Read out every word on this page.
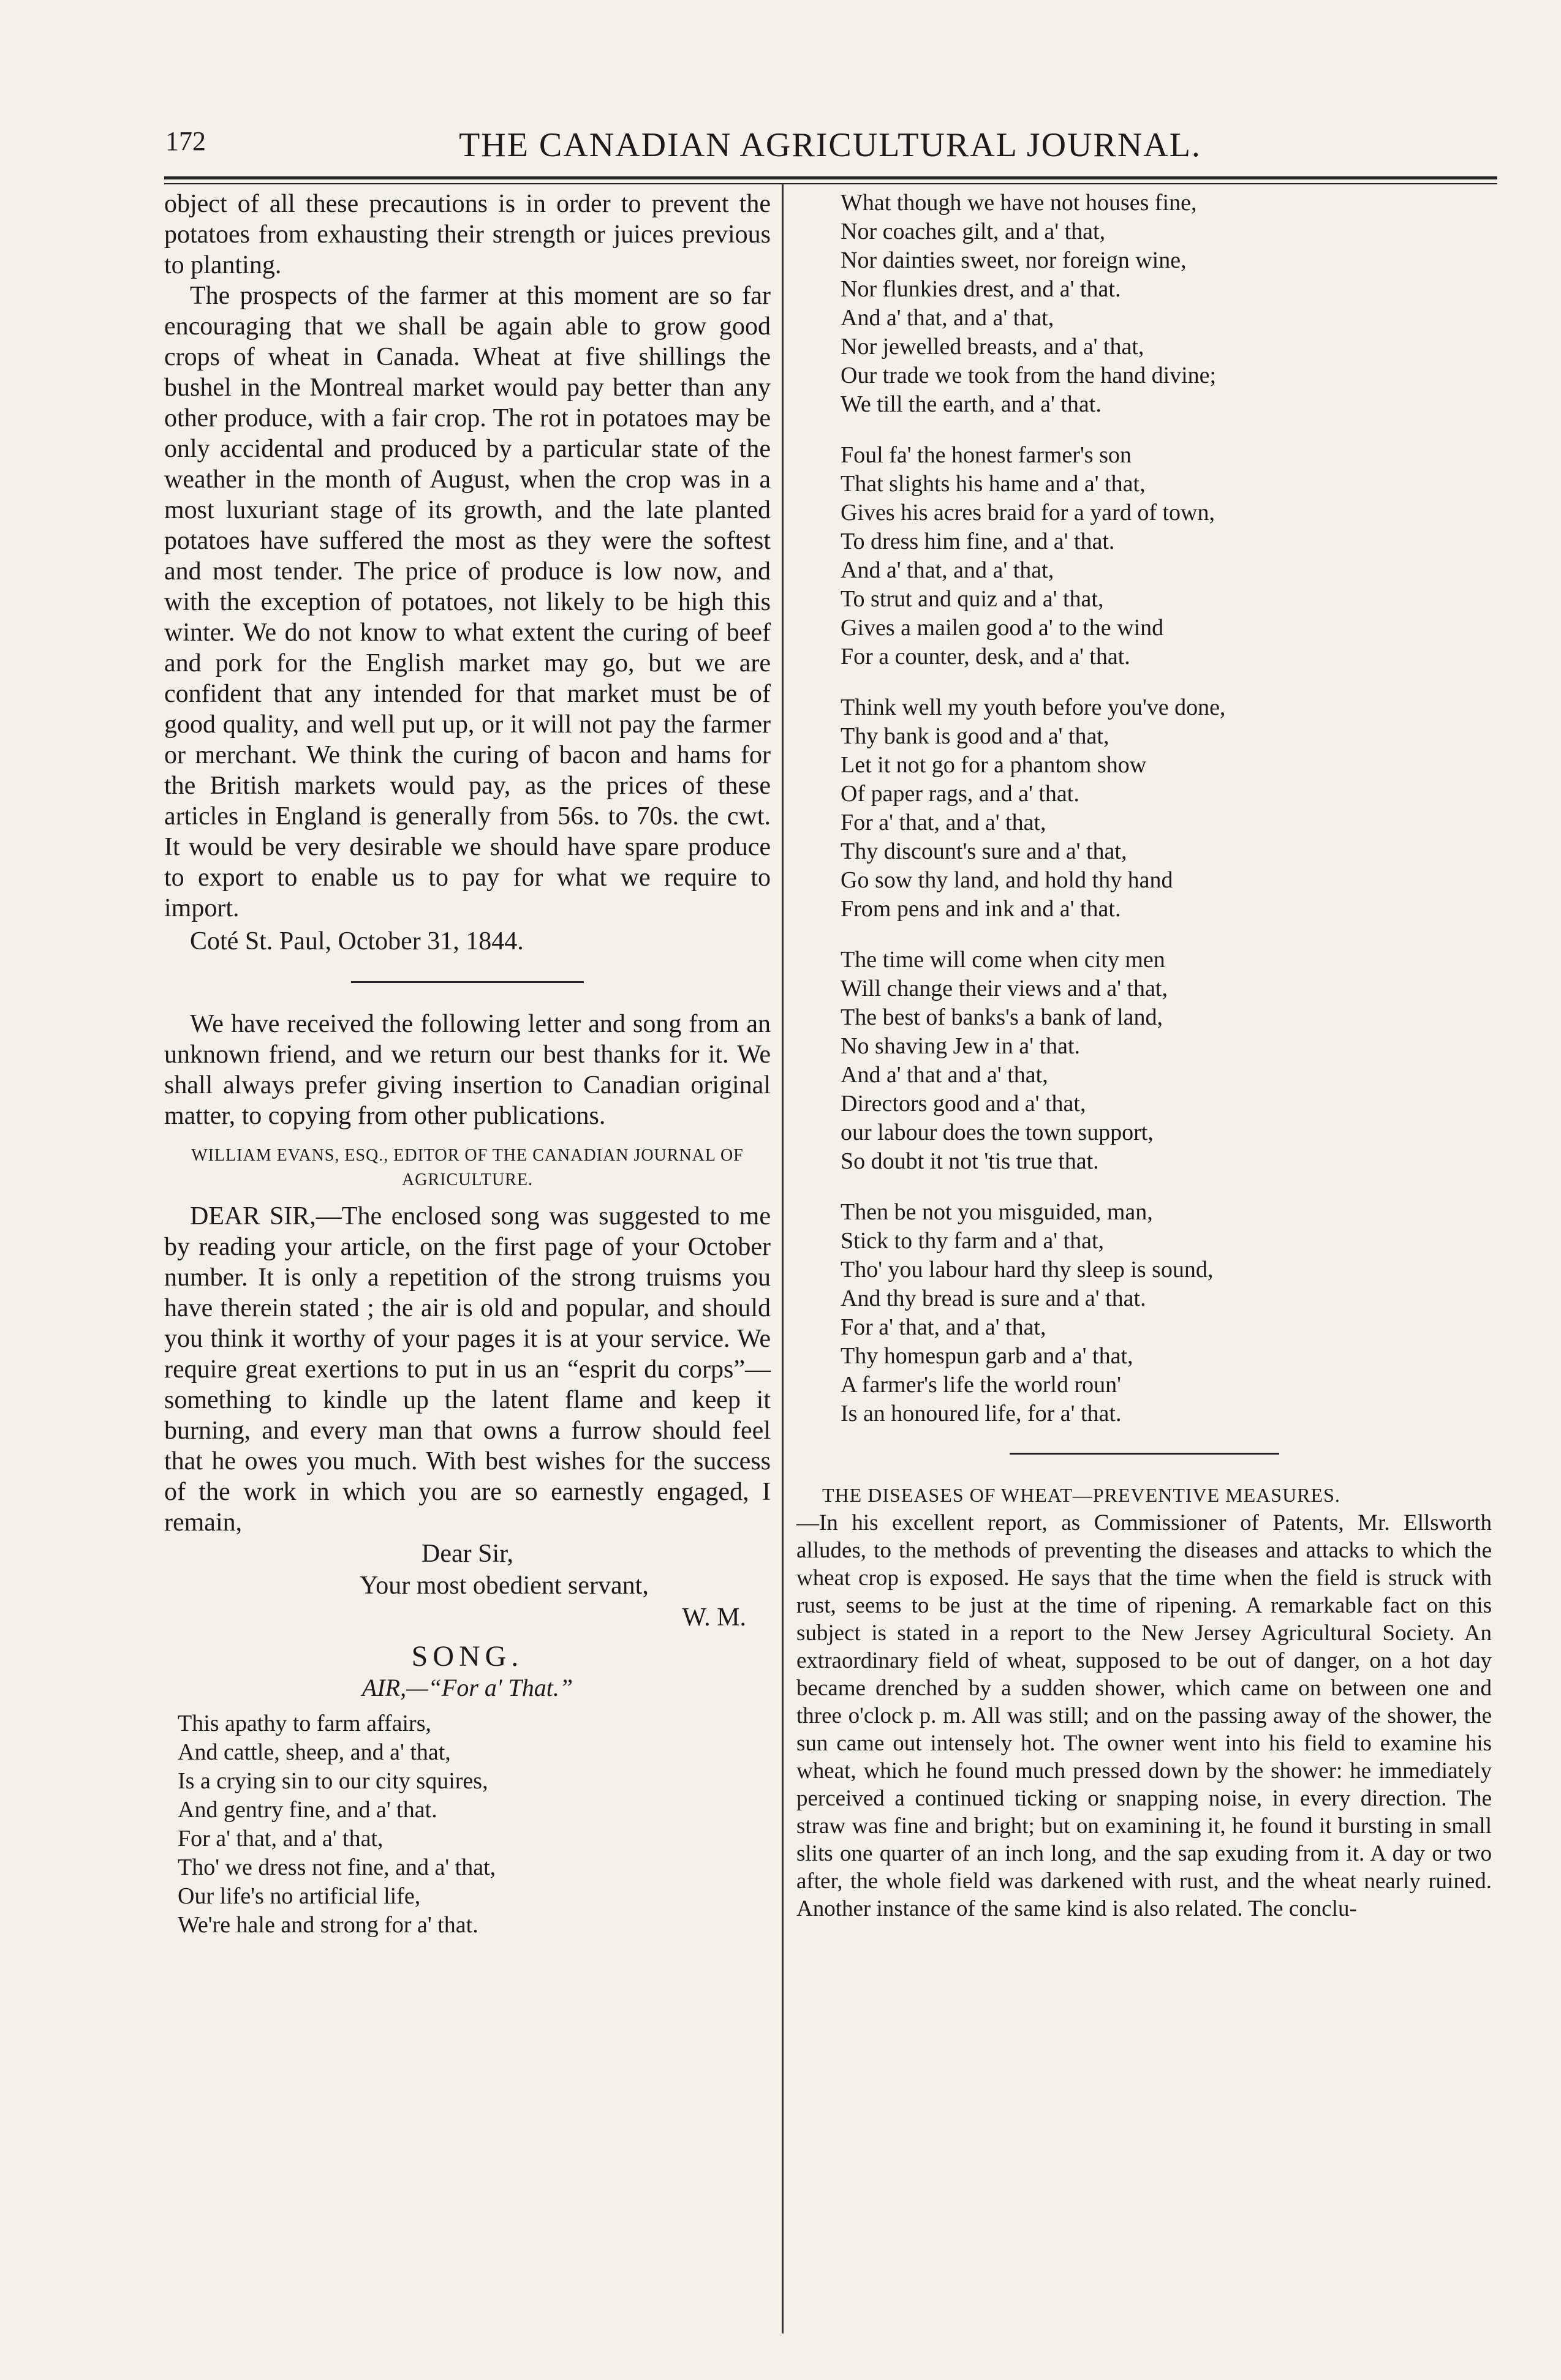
172	THE CANADIAN AGRICULTURAL JOURNAL.

object of all these precautions is in order to prevent the potatoes from exhausting their strength or juices previous to planting.

The prospects of the farmer at this moment are so far encouraging that we shall be again able to grow good crops of wheat in Canada. Wheat at five shillings the bushel in the Montreal market would pay better than any other produce, with a fair crop. The rot in potatoes may be only accidental and produced by a particular state of the weather in the month of August, when the crop was in a most luxuriant stage of its growth, and the late planted potatoes have suffered the most as they were the softest and most tender. The price of produce is low now, and with the exception of potatoes, not likely to be high this winter. We do not know to what extent the curing of beef and pork for the English market may go, but we are confident that any intended for that market must be of good quality, and well put up, or it will not pay the farmer or merchant. We think the curing of bacon and hams for the British markets would pay, as the prices of these articles in England is generally from 56s. to 70s. the cwt. It would be very desirable we should have spare produce to export to enable us to pay for what we require to import.

Coté St. Paul, October 31, 1844.

We have received the following letter and song from an unknown friend, and we return our best thanks for it. We shall always prefer giving insertion to Canadian original matter, to copying from other publications.

WILLIAM EVANS, ESQ., EDITOR OF THE CANADIAN JOURNAL OF AGRICULTURE.

DEAR SIR,—The enclosed song was suggested to me by reading your article, on the first page of your October number. It is only a repetition of the strong truisms you have therein stated ; the air is old and popular, and should you think it worthy of your pages it is at your service. We require great exertions to put in us an “esprit du corps”—something to kindle up the latent flame and keep it burning, and every man that owns a furrow should feel that he owes you much. With best wishes for the success of the work in which you are so earnestly engaged, I remain,

Dear Sir,
Your most obedient servant,
W. M.
SONG.
AIR,—“For a' That.”
This apathy to farm affairs,
And cattle, sheep, and a' that,
Is a crying sin to our city squires,
And gentry fine, and a' that.
For a' that, and a' that,
Tho' we dress not fine, and a' that,
Our life's no artificial life,
We're hale and strong for a' that.
What though we have not houses fine,
Nor coaches gilt, and a' that,
Nor dainties sweet, nor foreign wine,
Nor flunkies drest, and a' that.
And a' that, and a' that,
Nor jewelled breasts, and a' that,
Our trade we took from the hand divine;
We till the earth, and a' that.
Foul fa' the honest farmer's son
That slights his hame and a' that,
Gives his acres braid for a yard of town,
To dress him fine, and a' that.
And a' that, and a' that,
To strut and quiz and a' that,
Gives a mailen good a' to the wind
For a counter, desk, and a' that.
Think well my youth before you've done,
Thy bank is good and a' that,
Let it not go for a phantom show
Of paper rags, and a' that.
For a' that, and a' that,
Thy discount's sure and a' that,
Go sow thy land, and hold thy hand
From pens and ink and a' that.
The time will come when city men
Will change their views and a' that,
The best of banks's a bank of land,
No shaving Jew in a' that.
And a' that and a' that,
Directors good and a' that,
our labour does the town support,
So doubt it not 'tis true that.
Then be not you misguided, man,
Stick to thy farm and a' that,
Tho' you labour hard thy sleep is sound,
And thy bread is sure and a' that.
For a' that, and a' that,
Thy homespun garb and a' that,
A farmer's life the world roun'
Is an honoured life, for a' that.

THE DISEASES OF WHEAT—PREVENTIVE MEASURES.

—In his excellent report, as Commissioner of Patents, Mr. Ellsworth alludes, to the methods of preventing the diseases and attacks to which the wheat crop is exposed. He says that the time when the field is struck with rust, seems to be just at the time of ripening. A remarkable fact on this subject is stated in a report to the New Jersey Agricultural Society. An extraordinary field of wheat, supposed to be out of danger, on a hot day became drenched by a sudden shower, which came on between one and three o'clock p. m. All was still; and on the passing away of the shower, the sun came out intensely hot. The owner went into his field to examine his wheat, which he found much pressed down by the shower: he immediately perceived a continued ticking or snapping noise, in every direction. The straw was fine and bright; but on examining it, he found it bursting in small slits one quarter of an inch long, and the sap exuding from it. A day or two after, the whole field was darkened with rust, and the wheat nearly ruined. Another instance of the same kind is also related. The conclu-
